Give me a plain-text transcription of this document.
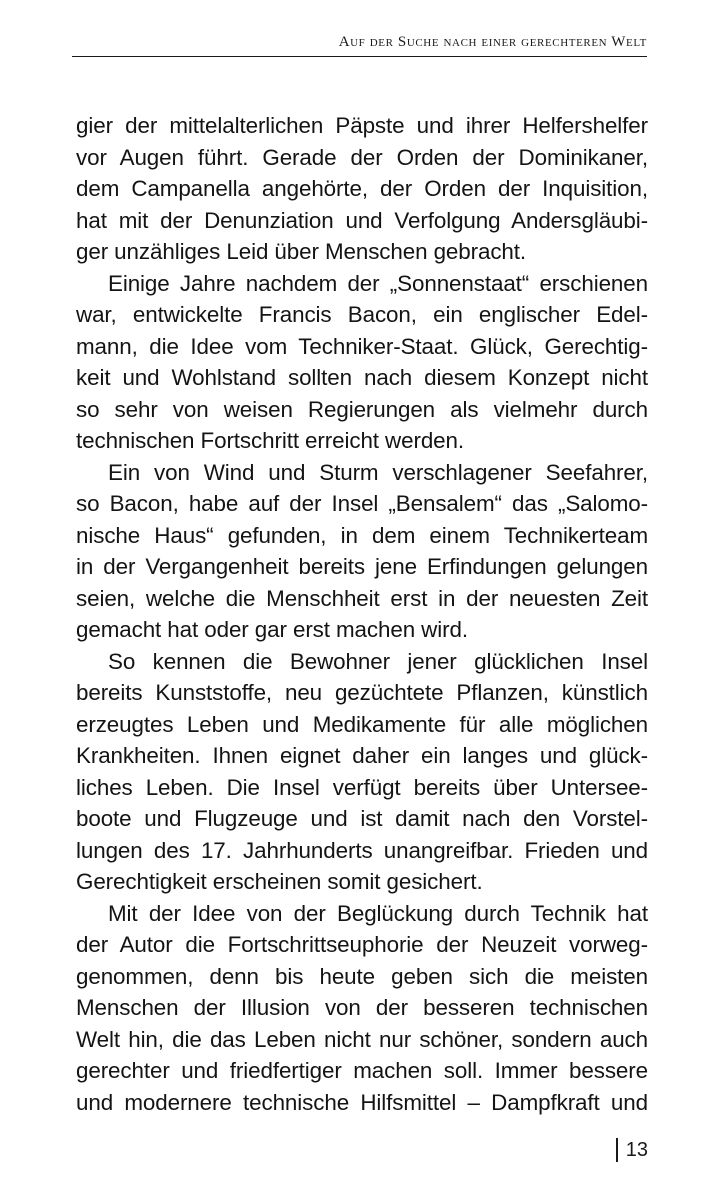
Auf der Suche nach einer gerechteren Welt

gier der mittelalterlichen Päpste und ihrer Helfershelfer
vor Augen führt. Gerade der Orden der Dominikaner,
dem Campanella angehörte, der Orden der Inquisition,
hat mit der Denunziation und Verfolgung Andersgläubi-
ger unzähliges Leid über Menschen gebracht.

Einige Jahre nachdem der „Sonnenstaat“ erschienen
war, entwickelte Francis Bacon, ein englischer Edel-
mann, die Idee vom Techniker-Staat. Glück, Gerechtig-
keit und Wohlstand sollten nach diesem Konzept nicht
so sehr von weisen Regierungen als vielmehr durch
technischen Fortschritt erreicht werden.

Ein von Wind und Sturm verschlagener Seefahrer,
so Bacon, habe auf der Insel „Bensalem“ das „Salomo-
nische Haus“ gefunden, in dem einem Technikerteam
in der Vergangenheit bereits jene Erfindungen gelungen
seien, welche die Menschheit erst in der neuesten Zeit
gemacht hat oder gar erst machen wird.

So kennen die Bewohner jener glücklichen Insel
bereits Kunststoffe, neu gezüchtete Pflanzen, künstlich
erzeugtes Leben und Medikamente für alle möglichen
Krankheiten. Ihnen eignet daher ein langes und glück-
liches Leben. Die Insel verfügt bereits über Untersee-
boote und Flugzeuge und ist damit nach den Vorstel-
lungen des 17. Jahrhunderts unangreifbar. Frieden und
Gerechtigkeit erscheinen somit gesichert.

Mit der Idee von der Beglückung durch Technik hat
der Autor die Fortschrittseuphorie der Neuzeit vorweg-
genommen, denn bis heute geben sich die meisten
Menschen der Illusion von der besseren technischen
Welt hin, die das Leben nicht nur schöner, sondern auch
gerechter und friedfertiger machen soll. Immer bessere
und modernere technische Hilfsmittel – Dampfkraft und

13
